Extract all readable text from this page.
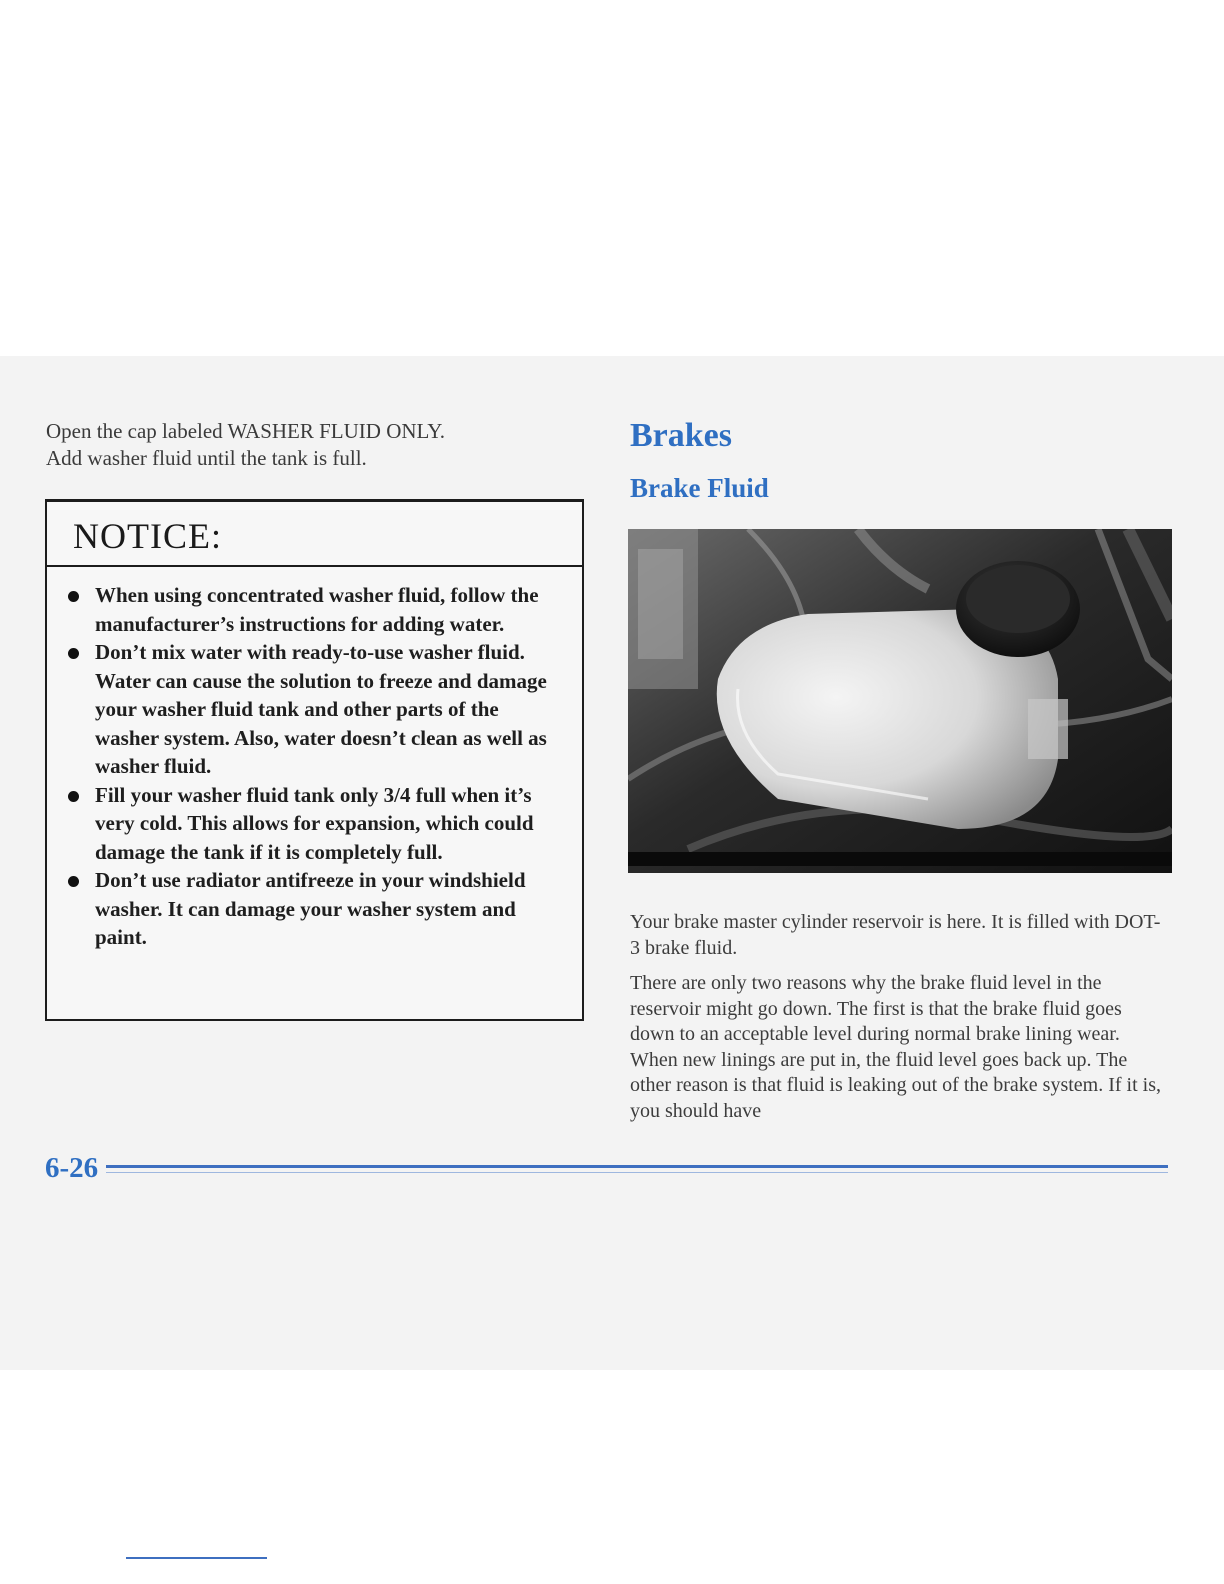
Open the cap labeled WASHER FLUID ONLY.

Add washer fluid until the tank is full.

NOTICE:
When using concentrated washer fluid, follow the manufacturer’s instructions for adding water.
Don’t mix water with ready-to-use washer fluid. Water can cause the solution to freeze and damage your washer fluid tank and other parts of the washer system. Also, water doesn’t clean as well as washer fluid.
Fill your washer fluid tank only 3/4 full when it’s very cold. This allows for expansion, which could damage the tank if it is completely full.
Don’t use radiator antifreeze in your windshield washer. It can damage your washer system and paint.
Brakes
Brake Fluid

Your brake master cylinder reservoir is here. It is filled with DOT-3 brake fluid.

There are only two reasons why the brake fluid level in the reservoir might go down. The first is that the brake fluid goes down to an acceptable level during normal brake lining wear. When new linings are put in, the fluid level goes back up. The other reason is that fluid is leaking out of the brake system. If it is, you should have

6-26
